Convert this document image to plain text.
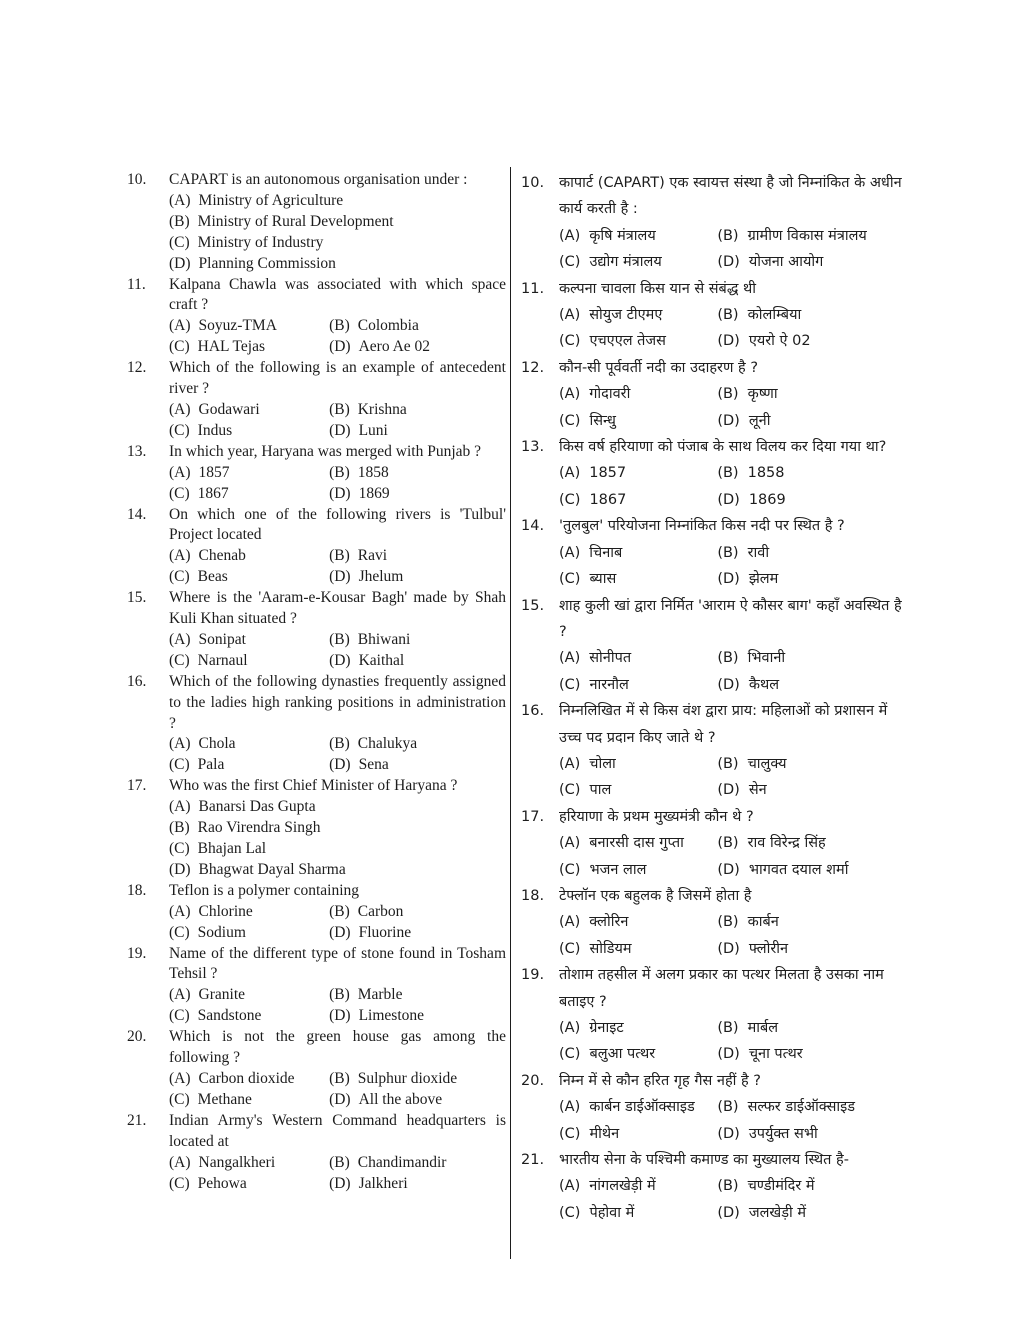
10.	CAPART is an autonomous organisation under :
(A) Ministry of Agriculture
(B) Ministry of Rural Development
(C) Ministry of Industry
(D) Planning Commission
11.	Kalpana Chawla was associated with which space craft ?
(A) Soyuz-TMA	(B) Colombia
(C) HAL Tejas	(D) Aero Ae 02
12.	Which of the following is an example of antecedent river ?
(A) Godawari	(B) Krishna
(C) Indus	(D) Luni
13.	In which year, Haryana was merged with Punjab ?
(A) 1857	(B) 1858
(C) 1867	(D) 1869
14.	On which one of the following rivers is 'Tulbul' Project located
(A) Chenab	(B) Ravi
(C) Beas	(D) Jhelum
15.	Where is the 'Aaram-e-Kousar Bagh' made by Shah Kuli Khan situated ?
(A) Sonipat	(B) Bhiwani
(C) Narnaul	(D) Kaithal
16.	Which of the following dynasties frequently assigned to the ladies high ranking positions in administration ?
(A) Chola	(B) Chalukya
(C) Pala	(D) Sena
17.	Who was the first Chief Minister of Haryana ?
(A) Banarsi Das Gupta
(B) Rao Virendra Singh
(C) Bhajan Lal
(D) Bhagwat Dayal Sharma
18.	Teflon is a polymer containing
(A) Chlorine	(B) Carbon
(C) Sodium	(D) Fluorine
19.	Name of the different type of stone found in Tosham Tehsil ?
(A) Granite	(B) Marble
(C) Sandstone	(D) Limestone
20.	Which is not the green house gas among the following ?
(A) Carbon dioxide	(B) Sulphur dioxide
(C) Methane	(D) All the above
21.	Indian Army's Western Command headquarters is located at
(A) Nangalkheri	(B) Chandimandir
(C) Pehowa	(D) Jalkheri
10.	कापार्ट (CAPART) एक स्वायत्त संस्था है जो निम्नांकित के अधीन कार्य करती है :
(A) कृषि मंत्रालय	(B) ग्रामीण विकास मंत्रालय
(C) उद्योग मंत्रालय	(D) योजना आयोग
11.	कल्पना चावला किस यान से संबंद्ध थी
(A) सोयुज टीएमए	(B) कोलम्बिया
(C) एचएएल तेजस	(D) एयरो ऐ 02
12.	कौन-सी पूर्ववर्ती नदी का उदाहरण है ?
(A) गोदावरी	(B) कृष्णा
(C) सिन्धु	(D) लूनी
13.	किस वर्ष हरियाणा को पंजाब के साथ विलय कर दिया गया था?
(A) 1857	(B) 1858
(C) 1867	(D) 1869
14.	'तुलबुल' परियोजना निम्नांकित किस नदी पर स्थित है ?
(A) चिनाब	(B) रावी
(C) ब्यास	(D) झेलम
15.	शाह कुली खां द्वारा निर्मित 'आराम ऐ कौसर बाग' कहाँ अवस्थित है ?
(A) सोनीपत	(B) भिवानी
(C) नारनौल	(D) कैथल
16.	निम्नलिखित में से किस वंश द्वारा प्राय: महिलाओं को प्रशासन में उच्च पद प्रदान किए जाते थे ?
(A) चोला	(B) चालुक्य
(C) पाल	(D) सेन
17.	हरियाणा के प्रथम मुख्यमंत्री कौन थे ?
(A) बनारसी दास गुप्ता	(B) राव विरेन्द्र सिंह
(C) भजन लाल	(D) भागवत दयाल शर्मा
18.	टेफ्लॉन एक बहुलक है जिसमें होता है
(A) क्लोरिन	(B) कार्बन
(C) सोडियम	(D) फ्लोरीन
19.	तोशाम तहसील में अलग प्रकार का पत्थर मिलता है उसका नाम बताइए ?
(A) ग्रेनाइट	(B) मार्बल
(C) बलुआ पत्थर	(D) चूना पत्थर
20.	निम्न में से कौन हरित गृह गैस नहीं है ?
(A) कार्बन डाईऑक्साइड	(B) सल्फर डाईऑक्साइड
(C) मीथेन	(D) उपर्युक्त सभी
21.	भारतीय सेना के पश्चिमी कमाण्ड का मुख्यालय स्थित है-
(A) नांगलखेड़ी में	(B) चण्डीमंदिर में
(C) पेहोवा में	(D) जलखेड़ी में
